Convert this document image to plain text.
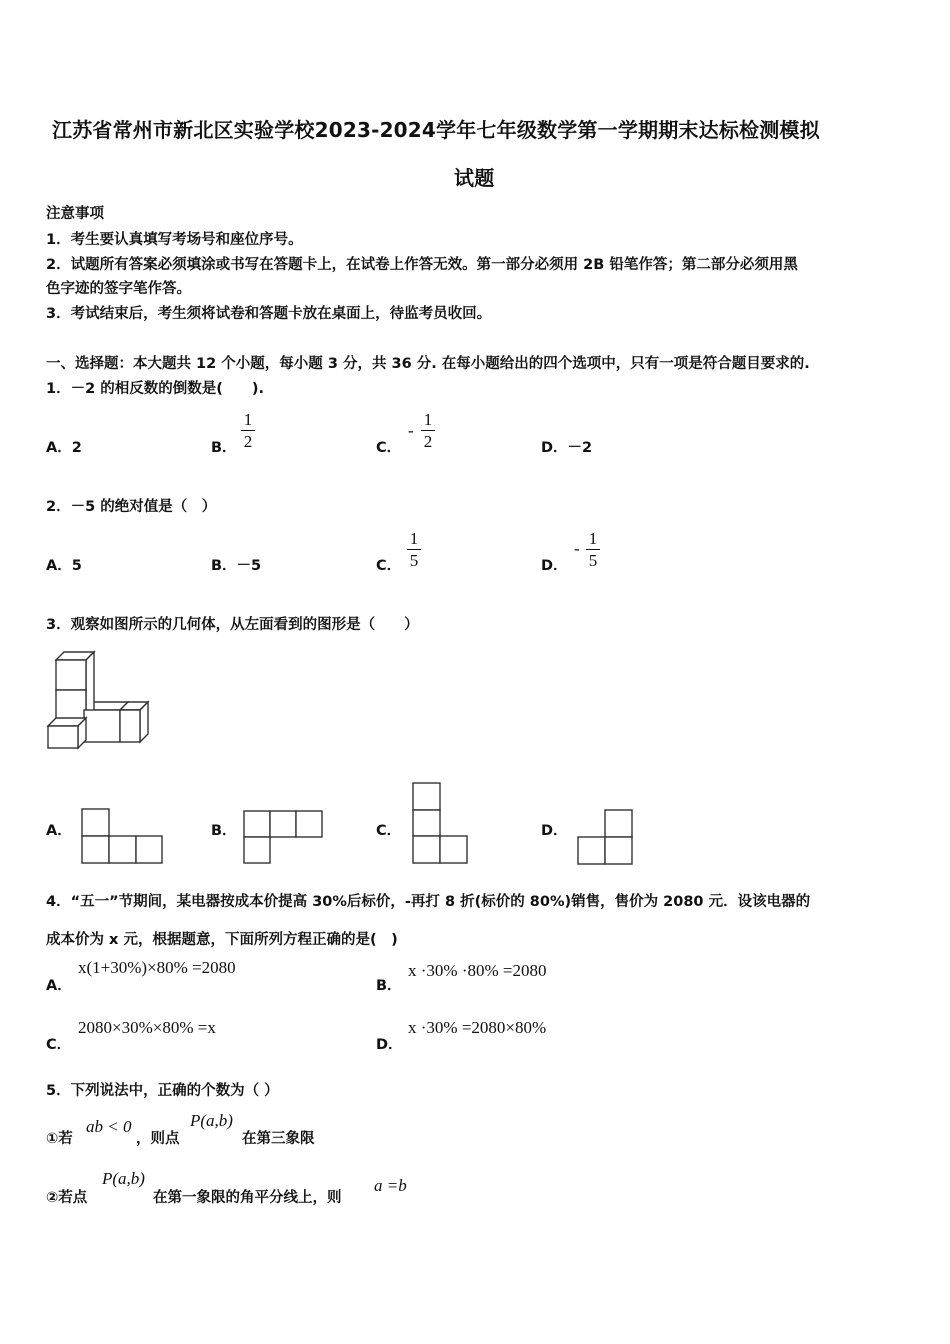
江苏省常州市新北区实验学校2023-2024学年七年级数学第一学期期末达标检测模拟
试题
注意事项
1．考生要认真填写考场号和座位序号。
2．试题所有答案必须填涂或书写在答题卡上，在试卷上作答无效。第一部分必须用 2B 铅笔作答；第二部分必须用黑
色字迹的签字笔作答。
3．考试结束后，考生须将试卷和答题卡放在桌面上，待监考员收回。
一、选择题：本大题共 12 个小题，每小题 3 分，共 36 分. 在每小题给出的四个选项中，只有一项是符合题目要求的.
1．－2 的相反数的倒数是(　　).
A．2	B．
1
2	C．
-
1
2	D．－2
2．－5 的绝对值是（　）
A．5	B．－5	C．
1
5	D．
-
1
5
3．观察如图所示的几何体，从左面看到的图形是（　　）
A．	B．	C．	D．
4．“五一”节期间，某电器按成本价提高 30%后标价，-再打 8 折(标价的 80%)销售，售价为 2080 元．设该电器的
成本价为 x 元，根据题意，下面所列方程正确的是(　)
A．
x(1+30%)×80% =2080
B．
x ·30% ·80% =2080
C．
2080×30%×80% =x
D．
x ·30% =2080×80%
5．下列说法中，正确的个数为（ ）
①若
ab < 0
，则点
P(a,b)
在第三象限
②若点
P(a,b)
在第一象限的角平分线上，则
a =b
